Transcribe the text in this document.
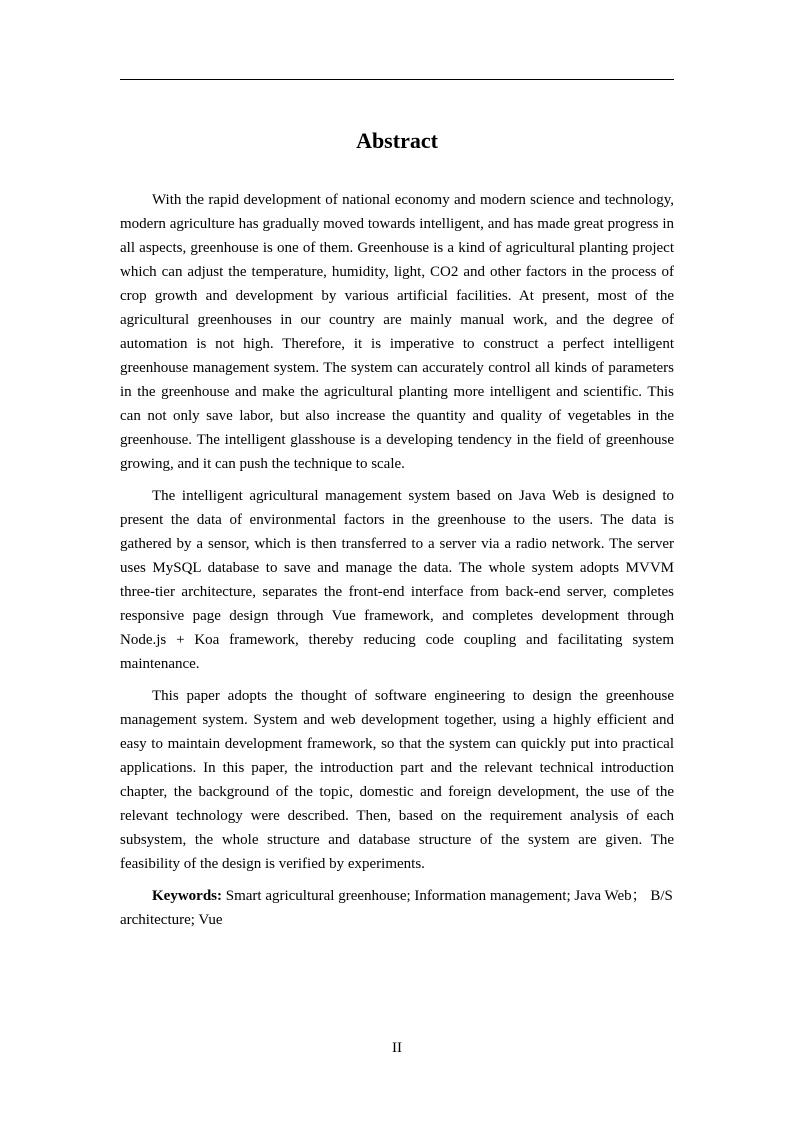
Abstract

With the rapid development of national economy and modern science and technology, modern agriculture has gradually moved towards intelligent, and has made great progress in all aspects, greenhouse is one of them. Greenhouse is a kind of agricultural planting project which can adjust the temperature, humidity, light, CO2 and other factors in the process of crop growth and development by various artificial facilities. At present, most of the agricultural greenhouses in our country are mainly manual work, and the degree of automation is not high. Therefore, it is imperative to construct a perfect intelligent greenhouse management system. The system can accurately control all kinds of parameters in the greenhouse and make the agricultural planting more intelligent and scientific. This can not only save labor, but also increase the quantity and quality of vegetables in the greenhouse. The intelligent glasshouse is a developing tendency in the field of greenhouse growing, and it can push the technique to scale.

The intelligent agricultural management system based on Java Web is designed to present the data of environmental factors in the greenhouse to the users. The data is gathered by a sensor, which is then transferred to a server via a radio network. The server uses MySQL database to save and manage the data. The whole system adopts MVVM three-tier architecture, separates the front-end interface from back-end server, completes responsive page design through Vue framework, and completes development through Node.js + Koa framework, thereby reducing code coupling and facilitating system maintenance.

This paper adopts the thought of software engineering to design the greenhouse management system. System and web development together, using a highly efficient and easy to maintain development framework, so that the system can quickly put into practical applications. In this paper, the introduction part and the relevant technical introduction chapter, the background of the topic, domestic and foreign development, the use of the relevant technology were described. Then, based on the requirement analysis of each subsystem, the whole structure and database structure of the system are given. The feasibility of the design is verified by experiments.

Keywords: Smart agricultural greenhouse; Information management; Java Web； B/S architecture; Vue

II
